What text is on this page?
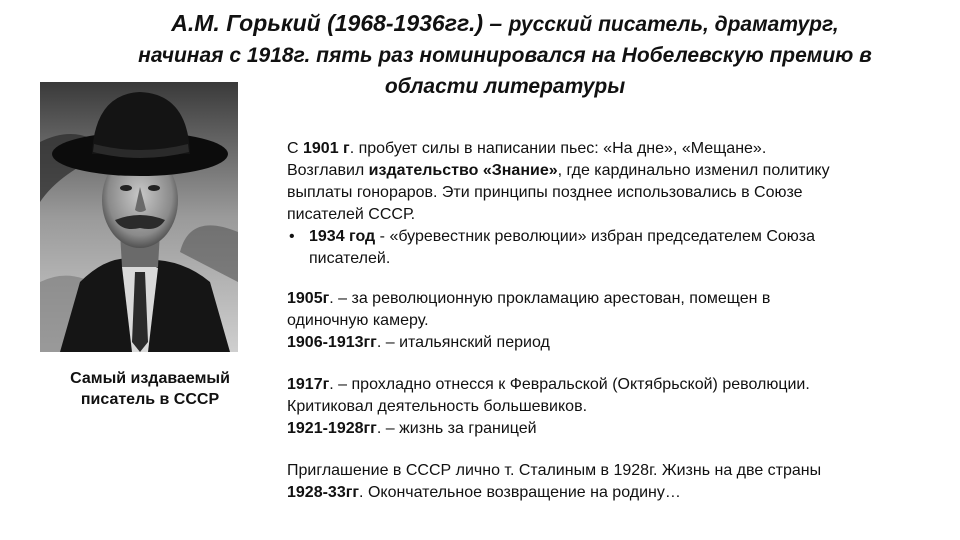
А.М. Горький (1968-1936гг.) – русский писатель, драматург,
начиная с 1918г. пять раз номинировался на Нобелевскую премию в
области литературы
Самый издаваемый
писатель в СССР

С 1901 г. пробует силы в написании пьес: «На дне», «Мещане».

Возглавил издательство «Знание», где кардинально изменил политику

выплаты гонораров. Эти принципы позднее использовались в Союзе

писателей СССР.

• 1934 год - «буревестник революции» избран председателем Союза

писателей.

1905г. – за революционную прокламацию арестован, помещен в

одиночную камеру.

1906-1913гг. – итальянский период

1917г. – прохладно отнесся к Февральской (Октябрьской) революции.

Критиковал деятельность большевиков.

1921-1928гг. – жизнь за границей

Приглашение в СССР лично т. Сталиным в 1928г. Жизнь на две страны

1928-33гг. Окончательное возвращение на родину…
